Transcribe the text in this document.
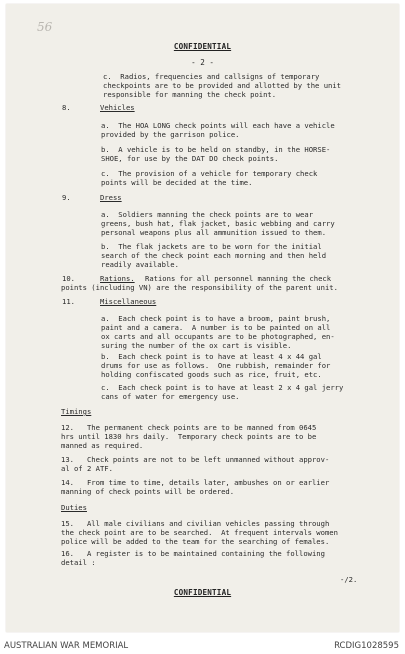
56
CONFIDENTIAL
- 2 -
c.  Radios, frequencies and callsigns of temporary
checkpoints are to be provided and allotted by the unit
responsible for manning the check point.
8.	Vehicles
a.  The HOA LONG check points will each have a vehicle
provided by the garrison police.
b.  A vehicle is to be held on standby, in the HORSE-
SHOE, for use by the DAT DO check points.
c.  The provision of a vehicle for temporary check
points will be decided at the time.
9.	Dress
a.  Soldiers manning the check points are to wear
greens, bush hat, flak jacket, basic webbing and carry
personal weapons plus all ammunition issued to them.
b.  The flak jackets are to be worn for the initial
search of the check point each morning and then held
readily available.
10.	Rations. Rations for all personnel manning the check
points (including VN) are the responsibility of the parent unit.
11.	Miscellaneous
a.  Each check point is to have a broom, paint brush,
paint and a camera.  A number is to be painted on all
ox carts and all occupants are to be photographed, en-
suring the number of the ox cart is visible.
b.  Each check point is to have at least 4 x 44 gal
drums for use as follows.  One rubbish, remainder for
holding confiscated goods such as rice, fruit, etc.
c.  Each check point is to have at least 2 x 4 gal jerry
cans of water for emergency use.
Timings
12.   The permanent check points are to be manned from 0645
hrs until 1830 hrs daily.  Temporary check points are to be
manned as required.
13.   Check points are not to be left unmanned without approv-
al of 2 ATF.
14.   From time to time, details later, ambushes on or earlier
manning of check points will be ordered.
Duties
15.   All male civilians and civilian vehicles passing through
the check point are to be searched.  At frequent intervals women
police will be added to the team for the searching of females.
16.   A register is to be maintained containing the following
detail :
-/2.
CONFIDENTIAL
AUSTRALIAN WAR MEMORIAL	RCDIG1028595
